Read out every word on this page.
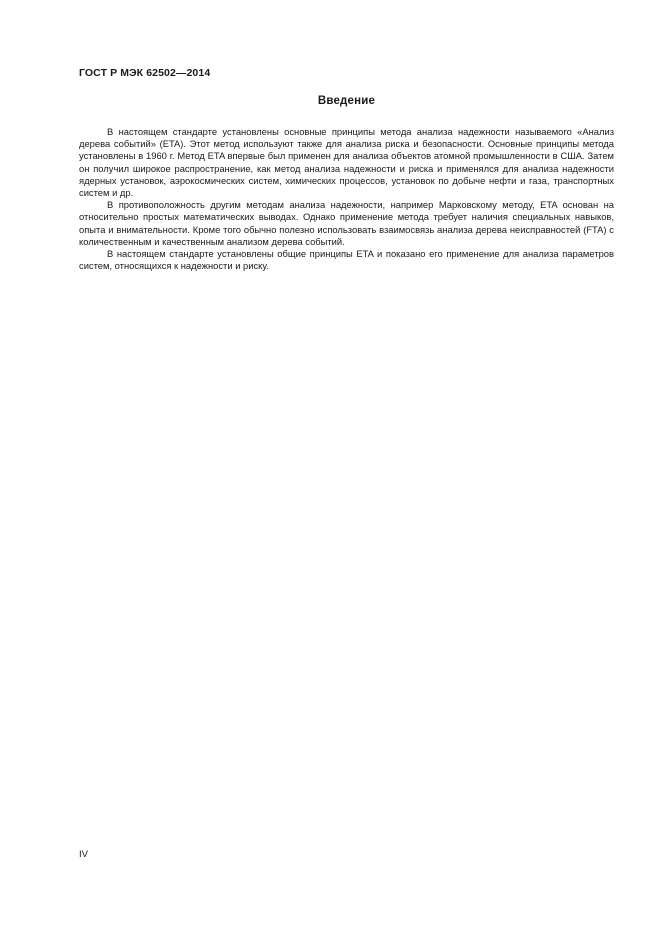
ГОСТ Р МЭК 62502—2014
Введение

В настоящем стандарте установлены основные принципы метода анализа надежности называемого «Анализ дерева событий» (ETA). Этот метод используют также для анализа риска и безопасности. Основные принципы метода установлены в 1960 г. Метод ETA впервые был применен для анализа объектов атомной промышленности в США. Затем он получил широкое распространение, как метод анализа надежности и риска и применялся для анализа надежности ядерных установок, аэрокосмических систем, химических процессов, установок по добыче нефти и газа, транспортных систем и др.

В противоположность другим методам анализа надежности, например Марковскому методу, ETA основан на относительно простых математических выводах. Однако применение метода требует наличия специальных навыков, опыта и внимательности. Кроме того обычно полезно использовать взаимосвязь анализа дерева неисправностей (FTA) с количественным и качественным анализом дерева событий.

В настоящем стандарте установлены общие принципы ETA и показано его применение для анализа параметров систем, относящихся к надежности и риску.

IV
